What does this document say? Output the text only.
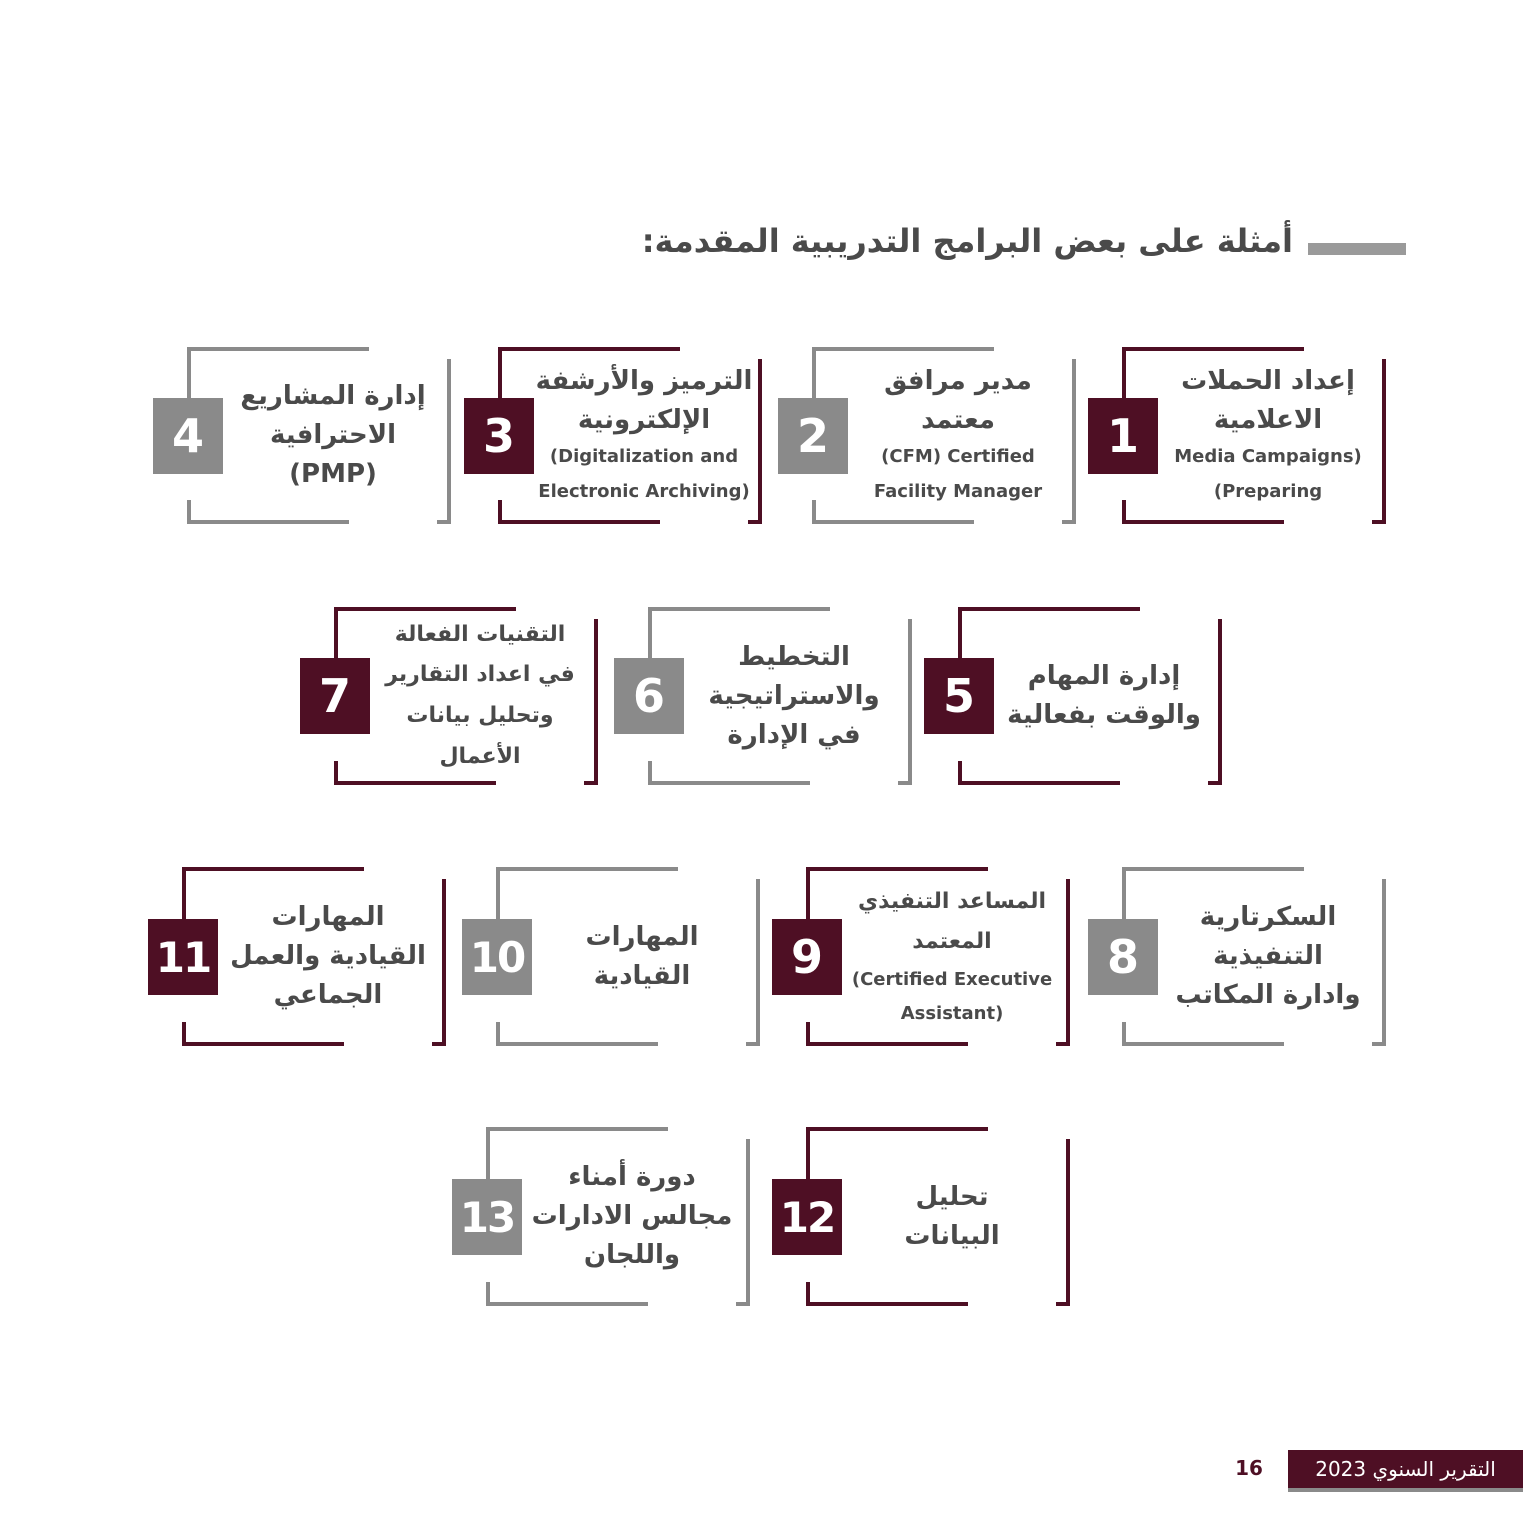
أمثلة على بعض البرامج التدريبية المقدمة:
1
إعداد الحملات
الاعلامية
Media Campaigns)
(Preparing
2
مدير مرافق
معتمد
(CFM) Certified
Facility Manager
3
الترميز والأرشفة
الإلكترونية
(Digitalization and
Electronic Archiving)
4
إدارة المشاريع
الاحترافية
(PMP)
5	إدارة المهام
والوقت بفعالية
6
التخطيط
والاستراتيجية
في الإدارة
7
التقنيات الفعالة
في اعداد التقارير
وتحليل بيانات
الأعمال
8
السكرتارية
التنفيذية
وادارة المكاتب
9
المساعد التنفيذي
المعتمد
(Certified Executive
Assistant)
10 المهارات
القيادية
11
المهارات
القيادية والعمل
الجماعي
12	تحليل
البيانات
13
دورة أمناء
مجالس الادارات
واللجان
16	التقرير السنوي 2023
